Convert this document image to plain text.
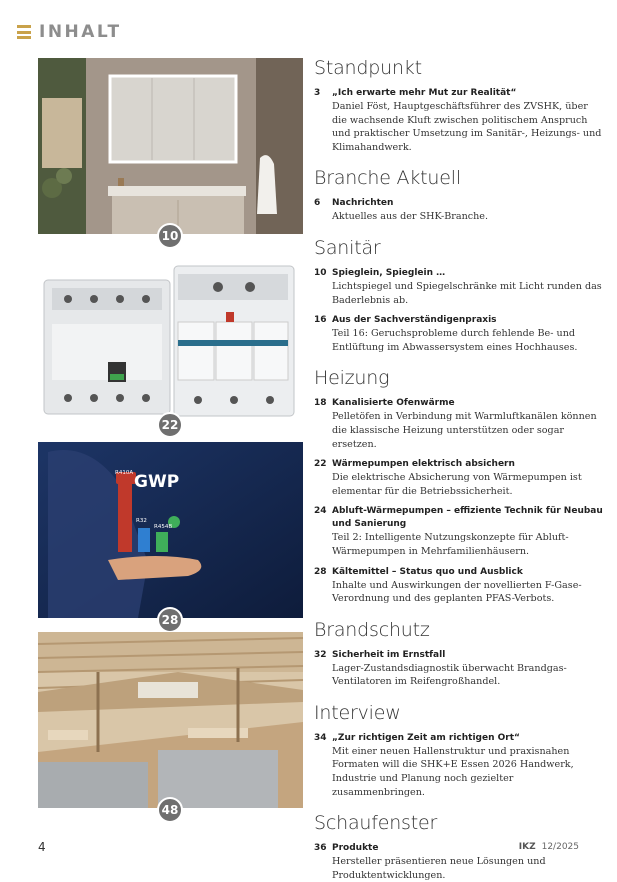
INHALT
10
22
GWP
R410A
R32
R454B
28
48
Standpunkt
3	„Ich erwarte mehr Mut zur Realität“
Daniel Föst, Hauptgeschäftsführer des ZVSHK, über die wachsende Kluft zwischen politischem Anspruch und praktischer Umsetzung im Sanitär-, Heizungs- und Klimahandwerk.
Branche Aktuell
6	Nachrichten
Aktuelles aus der SHK-Branche.
Sanitär
10 Spieglein, Spieglein …
Lichtspiegel und Spiegelschränke mit Licht runden das Baderlebnis ab.
16 Aus der Sachverständigenpraxis
Teil 16: Geruchsprobleme durch fehlende Be- und Entlüftung im Abwassersystem eines Hochhauses.
Heizung
18 Kanalisierte Ofenwärme
Pelletöfen in Verbindung mit Warmluftkanälen können die klassische Heizung unterstützen oder sogar ersetzen.
22 Wärmepumpen elektrisch absichern
Die elektrische Absicherung von Wärmepumpen ist elementar für die Betriebssicherheit.
24 Abluft-Wärmepumpen – effiziente Technik für Neubau und Sanierung
Teil 2: Intelligente Nutzungskonzepte für Abluft-Wärmepumpen in Mehrfamilienhäusern.
28 Kältemittel – Status quo und Ausblick
Inhalte und Auswirkungen der novellierten F-Gase-Verordnung und des geplanten PFAS-Verbots.
Brandschutz
32 Sicherheit im Ernstfall
Lager-Zustandsdiagnostik überwacht Brandgas-Ventilatoren im Reifengroßhandel.
Interview
34 „Zur richtigen Zeit am richtigen Ort“
Mit einer neuen Hallenstruktur und praxisnahen Formaten will die SHK+E Essen 2026 Handwerk, Industrie und Planung noch gezielter zusammenbringen.
Schaufenster
36 Produkte
Hersteller präsentieren neue Lösungen und Produktentwicklungen.
4	IKZ 12/2025
